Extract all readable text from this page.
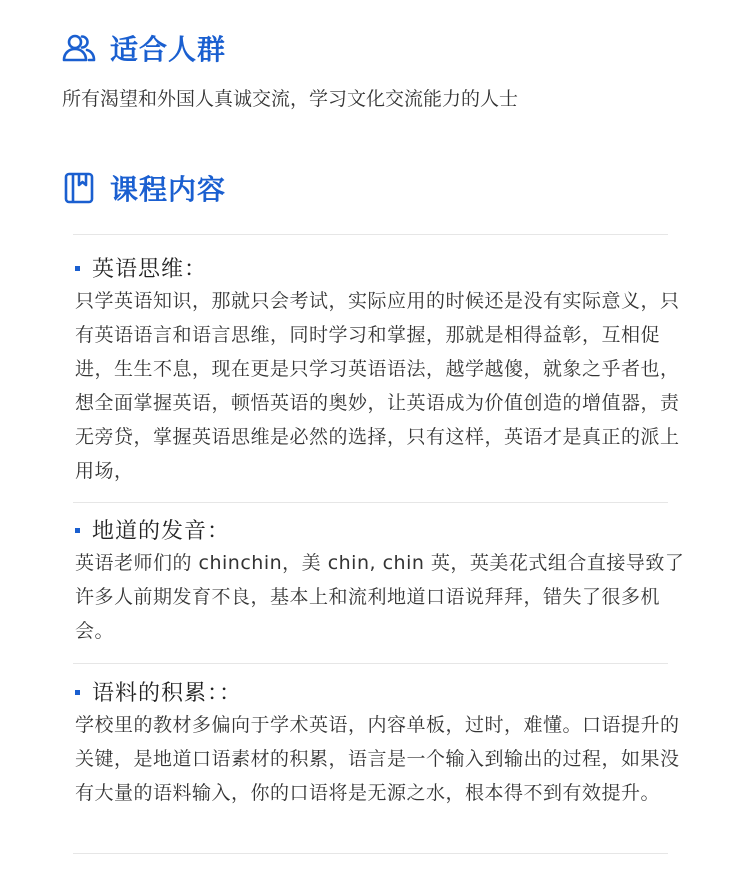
适合人群
所有渴望和外国人真诚交流，学习文化交流能力的人士
课程内容
英语思维：
只学英语知识，那就只会考试，实际应用的时候还是没有实际意义，只有英语语言和语言思维，同时学习和掌握，那就是相得益彰，互相促进，生生不息，现在更是只学习英语语法，越学越傻，就象之乎者也，想全面掌握英语，顿悟英语的奥妙，让英语成为价值创造的增值器，责无旁贷，掌握英语思维是必然的选择，只有这样，英语才是真正的派上用场，
地道的发音：
英语老师们的 chinchin，美 chin, chin 英，英美花式组合直接导致了许多人前期发育不良，基本上和流利地道口语说拜拜，错失了很多机会。
语料的积累：：
学校里的教材多偏向于学术英语，内容单板，过时，难懂。口语提升的关键，是地道口语素材的积累，语言是一个输入到输出的过程，如果没有大量的语料输入，你的口语将是无源之水，根本得不到有效提升。
